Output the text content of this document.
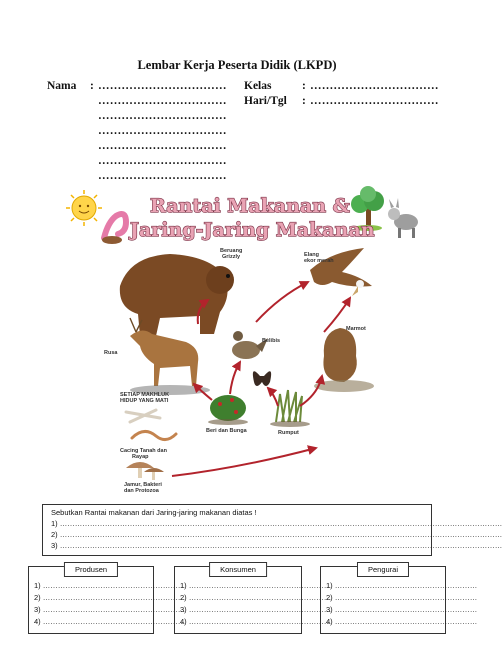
Lembar Kerja Peserta Didik (LKPD)
Nama : …………………………… Kelas	: ……………………………
Hari/Tgl : ……………………………
……………………………
……………………………
……………………………
……………………………
……………………………
……………………………
Rantai Makanan &
Jaring-Jaring Makanan
Beruang
Grizzly	Elang
ekor merah
Rusa
Belibis
Marmot
SETIAP MAKHLUK
HIDUP YANG MATI
Cacing Tanah dan
Rayap
Beri dan Bunga	Rumput
Jamur, Bakteri
dan Protozoa
Sebutkan Rantai makanan dari Jaring-jaring makanan diatas !
1) ……………………………………………………………………………………………………………………………………………………………
2) ……………………………………………………………………………………………………………………………………………………………
3) ……………………………………………………………………………………………………………………………………………………………
Produsen
1) …………………………………………………
2) …………………………………………………
3) …………………………………………………
4) …………………………………………………
Konsumen
1) …………………………………………………
2) …………………………………………………
3) …………………………………………………
4) …………………………………………………
Pengurai
1) …………………………………………………
2) …………………………………………………
3) …………………………………………………
4) …………………………………………………
